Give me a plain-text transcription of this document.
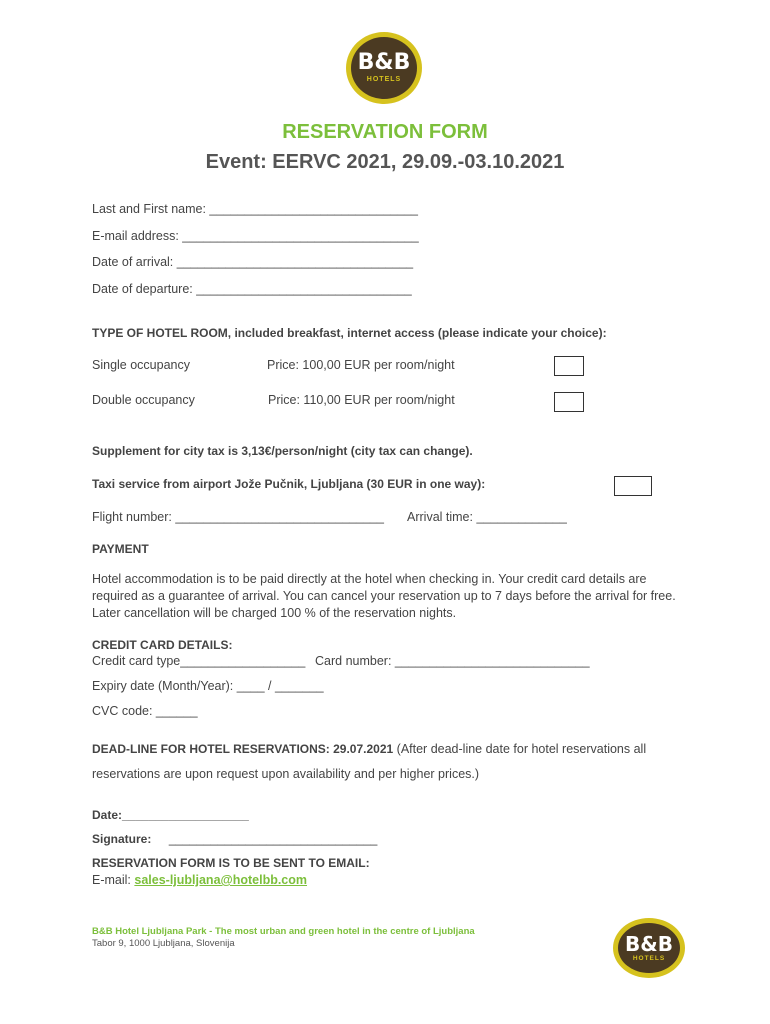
B&B
HOTELS
RESERVATION FORM
Event: EERVC 2021, 29.09.-03.10.2021
Last and First name: ______________________________
E-mail address: __________________________________
Date of arrival: __________________________________
Date of departure: _______________________________
TYPE OF HOTEL ROOM, included breakfast, internet access (please indicate your choice):
Single occupancy	Price: 100,00 EUR per room/night
Double occupancy	Price: 110,00 EUR per room/night
Supplement for city tax is 3,13€/person/night (city tax can change).
Taxi service from airport Jože Pučnik, Ljubljana (30 EUR in one way):
Flight number: ______________________________ Arrival time: _____________
PAYMENT
Hotel accommodation is to be paid directly at the hotel when checking in. Your credit card details are required as a guarantee of arrival. You can cancel your reservation up to 7 days before the arrival for free. Later cancellation will be charged 100 % of the reservation nights.
CREDIT CARD DETAILS:
Credit card type__________________ Card number: ____________________________
Expiry date (Month/Year): ____ / _______
CVC code: ______
DEAD-LINE FOR HOTEL RESERVATIONS: 29.07.2021 (After dead-line date for hotel reservations all
reservations are upon request upon availability and per higher prices.)
Date:___________________
Signature: ______________________________
RESERVATION FORM IS TO BE SENT TO EMAIL:
E-mail: sales-ljubljana@hotelbb.com
B&B Hotel Ljubljana Park - The most urban and green hotel in the centre of Ljubljana
Tabor 9, 1000 Ljubljana, Slovenija	B&B
HOTELS
